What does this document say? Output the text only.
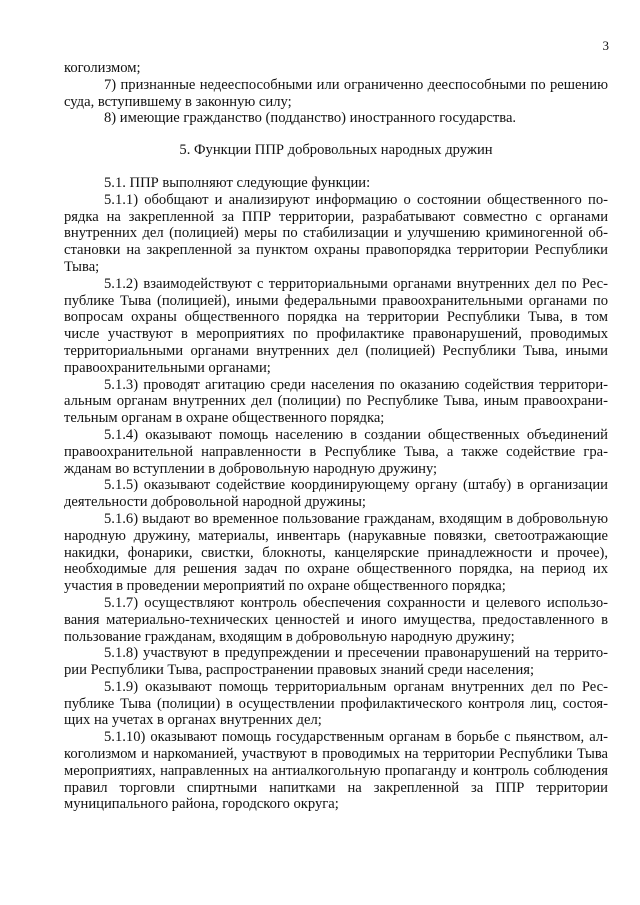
3

коголизмом;

7) признанные недееспособными или ограниченно дееспособными по решению суда, вступившему в законную силу;

8) имеющие гражданство (подданство) иностранного государства.

5. Функции ППР добровольных народных дружин

5.1. ППР выполняют следующие функции:

5.1.1) обобщают и анализируют информацию о состоянии общественного порядка на закрепленной за ППР территории, разрабатывают совместно с органами внутренних дел (полицией) меры по стабилизации и улучшению криминогенной обстановки на закрепленной за пунктом охраны правопорядка территории Республики Тыва;

5.1.2) взаимодействуют с территориальными органами внутренних дел по Республике Тыва (полицией), иными федеральными правоохранительными органами по вопросам охраны общественного порядка на территории Республики Тыва, в том числе участвуют в мероприятиях по профилактике правонарушений, проводимых территориальными органами внутренних дел (полицией) Республики Тыва, иными правоохранительными органами;

5.1.3) проводят агитацию среди населения по оказанию содействия территориальным органам внутренних дел (полиции) по Республике Тыва, иным правоохранительным органам в охране общественного порядка;

5.1.4) оказывают помощь населению в создании общественных объединений правоохранительной направленности в Республике Тыва, а также содействие гражданам во вступлении в добровольную народную дружину;

5.1.5) оказывают содействие координирующему органу (штабу) в организации деятельности добровольной народной дружины;

5.1.6) выдают во временное пользование гражданам, входящим в добровольную народную дружину, материалы, инвентарь (нарукавные повязки, светоотражающие накидки, фонарики, свистки, блокноты, канцелярские принадлежности и прочее), необходимые для решения задач по охране общественного порядка, на период их участия в проведении мероприятий по охране общественного порядка;

5.1.7) осуществляют контроль обеспечения сохранности и целевого использования материально-технических ценностей и иного имущества, предоставленного в пользование гражданам, входящим в добровольную народную дружину;

5.1.8) участвуют в предупреждении и пресечении правонарушений на территории Республики Тыва, распространении правовых знаний среди населения;

5.1.9) оказывают помощь территориальным органам внутренних дел по Республике Тыва (полиции) в осуществлении профилактического контроля лиц, состоящих на учетах в органах внутренних дел;

5.1.10) оказывают помощь государственным органам в борьбе с пьянством, алкоголизмом и наркоманией, участвуют в проводимых на территории Республики Тыва мероприятиях, направленных на антиалкогольную пропаганду и контроль соблюдения правил торговли спиртными напитками на закрепленной за ППР территории муниципального района, городского округа;
